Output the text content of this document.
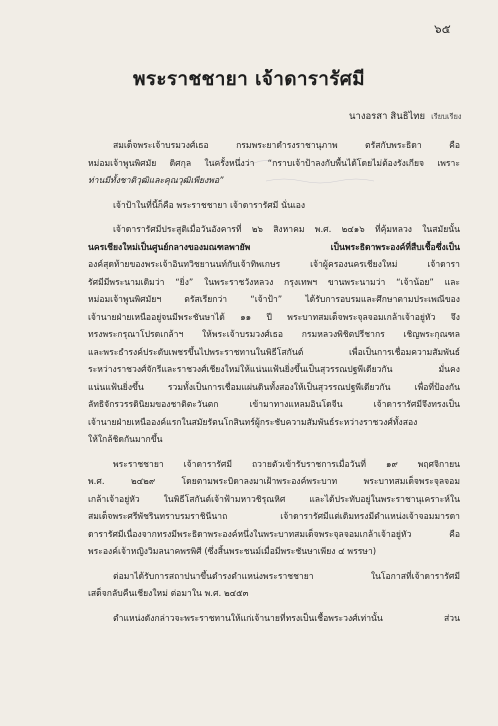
๖๕
พระราชชายา เจ้าดารารัศมี
นางอรสา สินธิไทย เรียบเรียง

สมเด็จพระเจ้าบรมวงศ์เธอ กรมพระยาดำรงราชานุภาพ ตรัสกับพระธิดา คือ
หม่อมเจ้าพูนพิศมัย ดิศกุล ในครั้งหนึ่งว่า “กราบเจ้าป้าลงกับพื้นได้โดยไม่ต้องรังเกียจ เพราะ
ท่านมีทั้งชาติวุฒิและคุณวุฒิเพียงพอ”

เจ้าป้าในที่นี้ก็คือ พระราชชายา เจ้าดารารัศมี นั่นเอง

เจ้าดารารัศมีประสูติเมื่อวันอังคารที่ ๒๖ สิงหาคม พ.ศ. ๒๔๑๖ ที่คุ้มหลวง ในสมัยนั้น
นครเชียงใหม่เป็นศูนย์กลางของมณฑลพายัพ เป็นพระธิดาพระองค์ที่สืบเชื้อซึ่งเป็น
องค์สุดท้ายของพระเจ้าอินทวิชยานนท์กับเจ้าทิพเกษร เจ้าผู้ครองนครเชียงใหม่ เจ้าดารา
รัศมีมีพระนามเดิมว่า “ยิ่ง” ในพระราชวังหลวง กรุงเทพฯ ขานพระนามว่า “เจ้าน้อย” และ
หม่อมเจ้าพูนพิศมัยฯ ตรัสเรียกว่า “เจ้าป้า” ได้รับการอบรมและศึกษาตามประเพณีของ
เจ้านายฝ่ายเหนืออยู่จนมีพระชันษาได้ ๑๑ ปี พระบาทสมเด็จพระจุลจอมเกล้าเจ้าอยู่หัว จึง
ทรงพระกรุณาโปรดเกล้าฯ ให้พระเจ้าบรมวงศ์เธอ กรมหลวงพิชิตปรีชากร เชิญพระกุณฑล
และพระธำรงค์ประดับเพชรขึ้นไปพระราชทานในพิธีโสกันต์ เพื่อเป็นการเชื่อมความสัมพันธ์
ระหว่างราชวงศ์จักรีและราชวงศ์เชียงใหม่ให้แน่นแฟ้นยิ่งขึ้นเป็นสุวรรณปฐพีเดียวกัน มั่นคง
แน่นแฟ้นยิ่งขึ้น รวมทั้งเป็นการเชื่อมแผ่นดินทั้งสองให้เป็นสุวรรณปฐพีเดียวกัน เพื่อที่ป้องกัน
ลัทธิจักรวรรดินิยมของชาติตะวันตก เข้ามาทางแหลมอินโดจีน เจ้าดารารัศมีจึงทรงเป็น
เจ้านายฝ่ายเหนือองค์แรกในสมัยรัตนโกสินทร์ผู้กระชับความสัมพันธ์ระหว่างราชวงศ์ทั้งสอง
ให้ใกล้ชิดกันมากขึ้น

พระราชชายา เจ้าดารารัศมี ถวายตัวเข้ารับราชการเมื่อวันที่ ๑๙ พฤศจิกายน
พ.ศ. ๒๔๒๙ โดยตามพระบิดาลงมาเฝ้าพระองค์พระบาท พระบาทสมเด็จพระจุลจอม
เกล้าเจ้าอยู่หัว ในพิธีโสกันต์เจ้าฟ้ามหาวชิรุณหิศ และได้ประทับอยู่ในพระราชานุเคราะห์ใน
สมเด็จพระศรีพัชรินทราบรมราชินีนาถ เจ้าดารารัศมีแต่เดิมทรงมีตำแหน่งเจ้าจอมมารดา
ดารารัศมีเนื่องจากทรงมีพระธิดาพระองค์หนึ่งในพระบาทสมเด็จพระจุลจอมเกล้าเจ้าอยู่หัว คือ
พระองค์เจ้าหญิงวิมลนาคพรพิศี (ซึ่งสิ้นพระชนม์เมื่อมีพระชันษาเพียง ๔ พรรษา)

ต่อมาได้รับการสถาปนาขึ้นดำรงตำแหน่งพระราชชายา ในโอกาสที่เจ้าดารารัศมี
เสด็จกลับคืนเชียงใหม่ ต่อมาใน พ.ศ. ๒๔๕๓

ตำแหน่งดังกล่าวจะพระราชทานให้แก่เจ้านายที่ทรงเป็นเชื้อพระวงศ์เท่านั้น ส่วน
